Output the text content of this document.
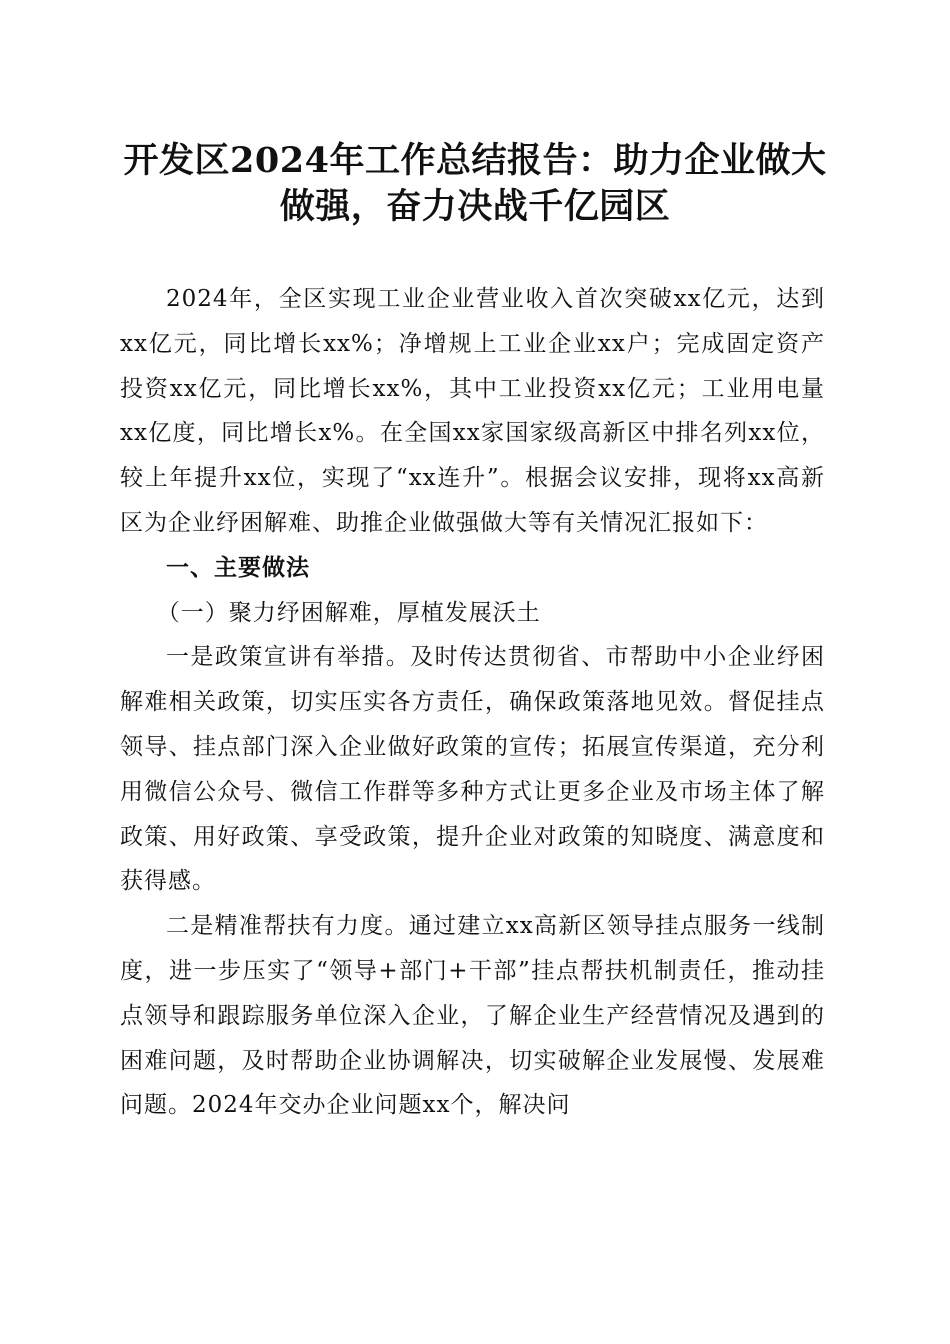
开发区2024年工作总结报告：助力企业做大做强，奋力决战千亿园区

2024年，全区实现工业企业营业收入首次突破xx亿元，达到xx亿元，同比增长xx%；净增规上工业企业xx户；完成固定资产投资xx亿元，同比增长xx%，其中工业投资xx亿元；工业用电量xx亿度，同比增长x%。在全国xx家国家级高新区中排名列xx位，较上年提升xx位，实现了“xx连升”。根据会议安排，现将xx高新区为企业纾困解难、助推企业做强做大等有关情况汇报如下：

一、主要做法

（一）聚力纾困解难，厚植发展沃土

一是政策宣讲有举措。及时传达贯彻省、市帮助中小企业纾困解难相关政策，切实压实各方责任，确保政策落地见效。督促挂点领导、挂点部门深入企业做好政策的宣传；拓展宣传渠道，充分利用微信公众号、微信工作群等多种方式让更多企业及市场主体了解政策、用好政策、享受政策，提升企业对政策的知晓度、满意度和获得感。

二是精准帮扶有力度。通过建立xx高新区领导挂点服务一线制度，进一步压实了“领导+部门+干部”挂点帮扶机制责任，推动挂点领导和跟踪服务单位深入企业，了解企业生产经营情况及遇到的困难问题，及时帮助企业协调解决，切实破解企业发展慢、发展难问题。2024年交办企业问题xx个，解决问
